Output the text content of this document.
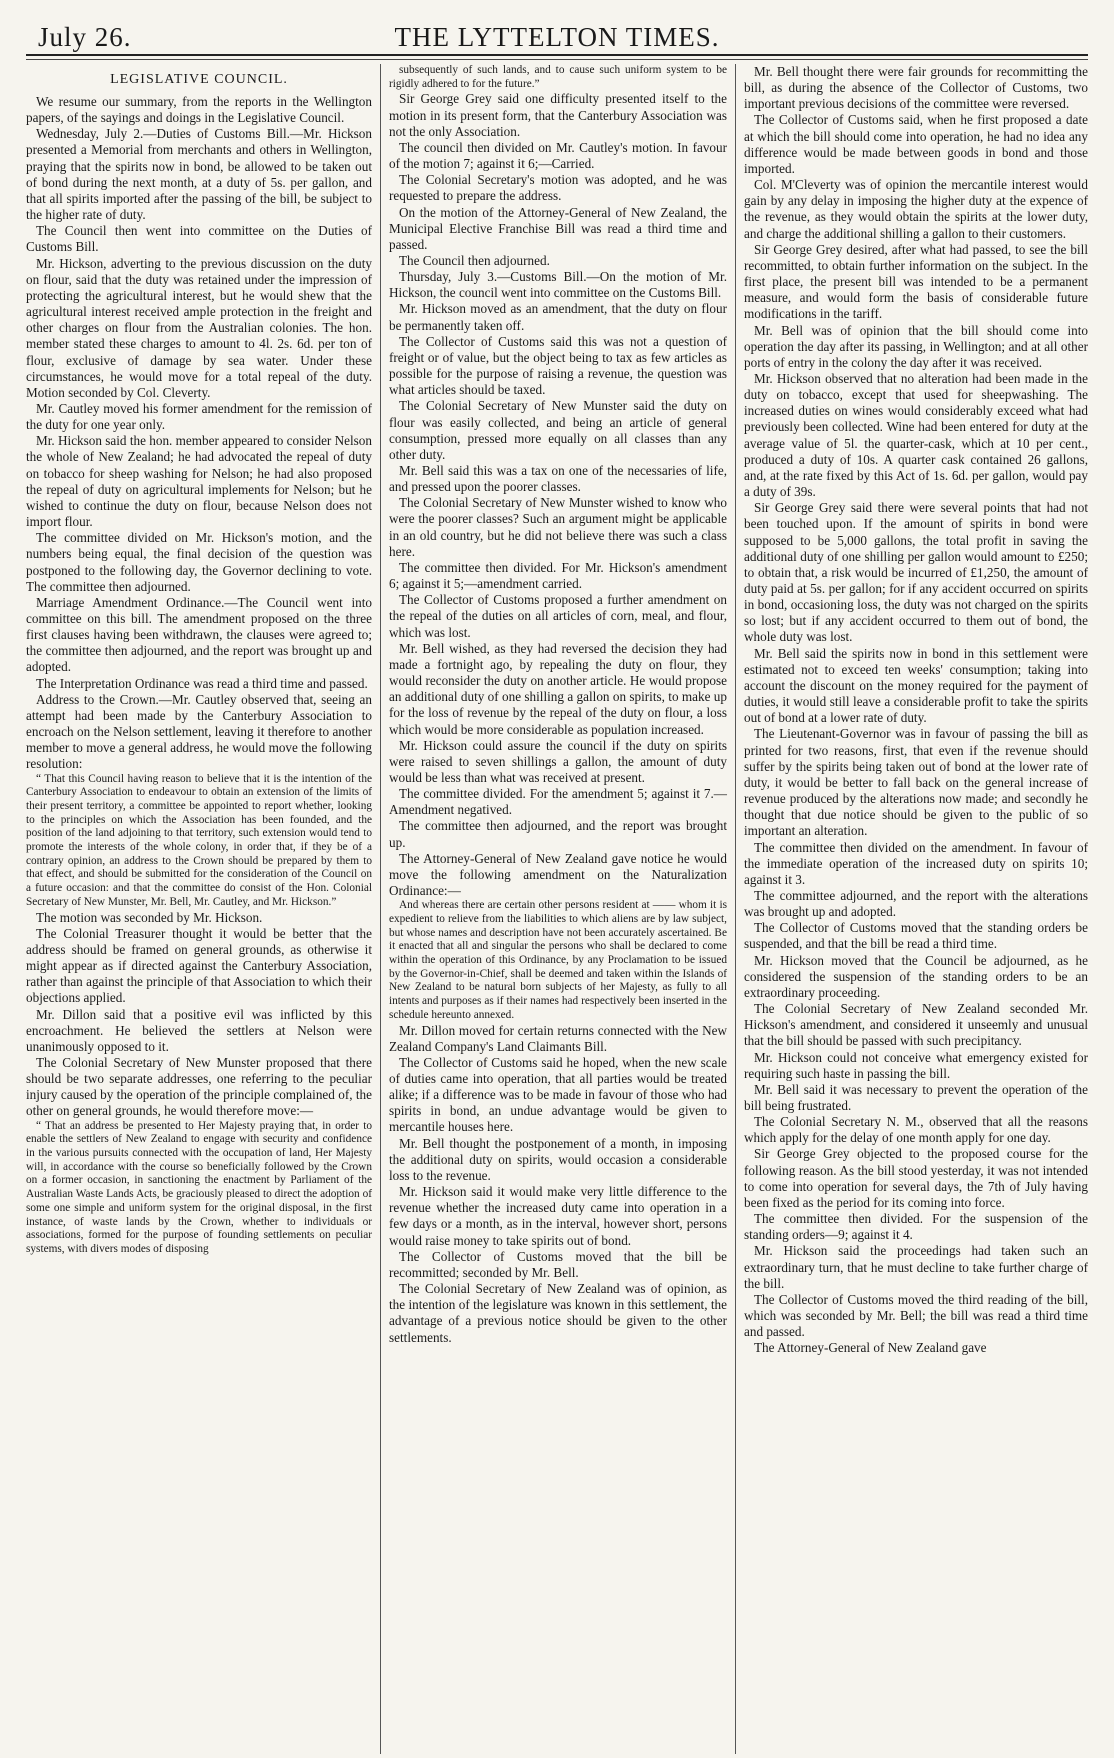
July 26.	THE LYTTELTON TIMES.
LEGISLATIVE COUNCIL.

We resume our summary, from the reports in the Wellington papers, of the sayings and doings in the Legislative Council.

Wednesday, July 2.—Duties of Customs Bill.—Mr. Hickson presented a Memorial from merchants and others in Wellington, praying that the spirits now in bond, be allowed to be taken out of bond during the next month, at a duty of 5s. per gallon, and that all spirits imported after the passing of the bill, be subject to the higher rate of duty.

The Council then went into committee on the Duties of Customs Bill.

Mr. Hickson, adverting to the previous discussion on the duty on flour, said that the duty was retained under the impression of protecting the agricultural interest, but he would shew that the agricultural interest received ample protection in the freight and other charges on flour from the Australian colonies. The hon. member stated these charges to amount to 4l. 2s. 6d. per ton of flour, exclusive of damage by sea water. Under these circumstances, he would move for a total repeal of the duty. Motion seconded by Col. Cleverty.

Mr. Cautley moved his former amendment for the remission of the duty for one year only.

Mr. Hickson said the hon. member appeared to consider Nelson the whole of New Zealand; he had advocated the repeal of duty on tobacco for sheep washing for Nelson; he had also proposed the repeal of duty on agricultural implements for Nelson; but he wished to continue the duty on flour, because Nelson does not import flour.

The committee divided on Mr. Hickson's motion, and the numbers being equal, the final decision of the question was postponed to the following day, the Governor declining to vote. The committee then adjourned.

Marriage Amendment Ordinance.—The Council went into committee on this bill. The amendment proposed on the three first clauses having been withdrawn, the clauses were agreed to; the committee then adjourned, and the report was brought up and adopted.

The Interpretation Ordinance was read a third time and passed.

Address to the Crown.—Mr. Cautley observed that, seeing an attempt had been made by the Canterbury Association to encroach on the Nelson settlement, leaving it therefore to another member to move a general address, he would move the following resolution:

“ That this Council having reason to believe that it is the intention of the Canterbury Association to endeavour to obtain an extension of the limits of their present territory, a committee be appointed to report whether, looking to the principles on which the Association has been founded, and the position of the land adjoining to that territory, such extension would tend to promote the interests of the whole colony, in order that, if they be of a contrary opinion, an address to the Crown should be prepared by them to that effect, and should be submitted for the consideration of the Council on a future occasion: and that the committee do consist of the Hon. Colonial Secretary of New Munster, Mr. Bell, Mr. Cautley, and Mr. Hickson.”

The motion was seconded by Mr. Hickson.

The Colonial Treasurer thought it would be better that the address should be framed on general grounds, as otherwise it might appear as if directed against the Canterbury Association, rather than against the principle of that Association to which their objections applied.

Mr. Dillon said that a positive evil was inflicted by this encroachment. He believed the settlers at Nelson were unanimously opposed to it.

The Colonial Secretary of New Munster proposed that there should be two separate addresses, one referring to the peculiar injury caused by the operation of the principle complained of, the other on general grounds, he would therefore move:—

“ That an address be presented to Her Majesty praying that, in order to enable the settlers of New Zealand to engage with security and confidence in the various pursuits connected with the occupation of land, Her Majesty will, in accordance with the course so beneficially followed by the Crown on a former occasion, in sanctioning the enactment by Parliament of the Australian Waste Lands Acts, be graciously pleased to direct the adoption of some one simple and uniform system for the original disposal, in the first instance, of waste lands by the Crown, whether to individuals or associations, formed for the purpose of founding settlements on peculiar systems, with divers modes of disposing

subsequently of such lands, and to cause such uniform system to be rigidly adhered to for the future.”

Sir George Grey said one difficulty presented itself to the motion in its present form, that the Canterbury Association was not the only Association.

The council then divided on Mr. Cautley's motion. In favour of the motion 7; against it 6;—Carried.

The Colonial Secretary's motion was adopted, and he was requested to prepare the address.

On the motion of the Attorney-General of New Zealand, the Municipal Elective Franchise Bill was read a third time and passed.

The Council then adjourned.

Thursday, July 3.—Customs Bill.—On the motion of Mr. Hickson, the council went into committee on the Customs Bill.

Mr. Hickson moved as an amendment, that the duty on flour be permanently taken off.

The Collector of Customs said this was not a question of freight or of value, but the object being to tax as few articles as possible for the purpose of raising a revenue, the question was what articles should be taxed.

The Colonial Secretary of New Munster said the duty on flour was easily collected, and being an article of general consumption, pressed more equally on all classes than any other duty.

Mr. Bell said this was a tax on one of the necessaries of life, and pressed upon the poorer classes.

The Colonial Secretary of New Munster wished to know who were the poorer classes? Such an argument might be applicable in an old country, but he did not believe there was such a class here.

The committee then divided. For Mr. Hickson's amendment 6; against it 5;—amendment carried.

The Collector of Customs proposed a further amendment on the repeal of the duties on all articles of corn, meal, and flour, which was lost.

Mr. Bell wished, as they had reversed the decision they had made a fortnight ago, by repealing the duty on flour, they would reconsider the duty on another article. He would propose an additional duty of one shilling a gallon on spirits, to make up for the loss of revenue by the repeal of the duty on flour, a loss which would be more considerable as population increased.

Mr. Hickson could assure the council if the duty on spirits were raised to seven shillings a gallon, the amount of duty would be less than what was received at present.

The committee divided. For the amendment 5; against it 7.—Amendment negatived.

The committee then adjourned, and the report was brought up.

The Attorney-General of New Zealand gave notice he would move the following amendment on the Naturalization Ordinance:—

And whereas there are certain other persons resident at —— whom it is expedient to relieve from the liabilities to which aliens are by law subject, but whose names and description have not been accurately ascertained. Be it enacted that all and singular the persons who shall be declared to come within the operation of this Ordinance, by any Proclamation to be issued by the Governor-in-Chief, shall be deemed and taken within the Islands of New Zealand to be natural born subjects of her Majesty, as fully to all intents and purposes as if their names had respectively been inserted in the schedule hereunto annexed.

Mr. Dillon moved for certain returns connected with the New Zealand Company's Land Claimants Bill.

The Collector of Customs said he hoped, when the new scale of duties came into operation, that all parties would be treated alike; if a difference was to be made in favour of those who had spirits in bond, an undue advantage would be given to mercantile houses here.

Mr. Bell thought the postponement of a month, in imposing the additional duty on spirits, would occasion a considerable loss to the revenue.

Mr. Hickson said it would make very little difference to the revenue whether the increased duty came into operation in a few days or a month, as in the interval, however short, persons would raise money to take spirits out of bond.

The Collector of Customs moved that the bill be recommitted; seconded by Mr. Bell.

The Colonial Secretary of New Zealand was of opinion, as the intention of the legislature was known in this settlement, the advantage of a previous notice should be given to the other settlements.

Mr. Bell thought there were fair grounds for recommitting the bill, as during the absence of the Collector of Customs, two important previous decisions of the committee were reversed.

The Collector of Customs said, when he first proposed a date at which the bill should come into operation, he had no idea any difference would be made between goods in bond and those imported.

Col. M'Cleverty was of opinion the mercantile interest would gain by any delay in imposing the higher duty at the expence of the revenue, as they would obtain the spirits at the lower duty, and charge the additional shilling a gallon to their customers.

Sir George Grey desired, after what had passed, to see the bill recommitted, to obtain further information on the subject. In the first place, the present bill was intended to be a permanent measure, and would form the basis of considerable future modifications in the tariff.

Mr. Bell was of opinion that the bill should come into operation the day after its passing, in Wellington; and at all other ports of entry in the colony the day after it was received.

Mr. Hickson observed that no alteration had been made in the duty on tobacco, except that used for sheepwashing. The increased duties on wines would considerably exceed what had previously been collected. Wine had been entered for duty at the average value of 5l. the quarter-cask, which at 10 per cent., produced a duty of 10s. A quarter cask contained 26 gallons, and, at the rate fixed by this Act of 1s. 6d. per gallon, would pay a duty of 39s.

Sir George Grey said there were several points that had not been touched upon. If the amount of spirits in bond were supposed to be 5,000 gallons, the total profit in saving the additional duty of one shilling per gallon would amount to £250; to obtain that, a risk would be incurred of £1,250, the amount of duty paid at 5s. per gallon; for if any accident occurred on spirits in bond, occasioning loss, the duty was not charged on the spirits so lost; but if any accident occurred to them out of bond, the whole duty was lost.

Mr. Bell said the spirits now in bond in this settlement were estimated not to exceed ten weeks' consumption; taking into account the discount on the money required for the payment of duties, it would still leave a considerable profit to take the spirits out of bond at a lower rate of duty.

The Lieutenant-Governor was in favour of passing the bill as printed for two reasons, first, that even if the revenue should suffer by the spirits being taken out of bond at the lower rate of duty, it would be better to fall back on the general increase of revenue produced by the alterations now made; and secondly he thought that due notice should be given to the public of so important an alteration.

The committee then divided on the amendment. In favour of the immediate operation of the increased duty on spirits 10; against it 3.

The committee adjourned, and the report with the alterations was brought up and adopted.

The Collector of Customs moved that the standing orders be suspended, and that the bill be read a third time.

Mr. Hickson moved that the Council be adjourned, as he considered the suspension of the standing orders to be an extraordinary proceeding.

The Colonial Secretary of New Zealand seconded Mr. Hickson's amendment, and considered it unseemly and unusual that the bill should be passed with such precipitancy.

Mr. Hickson could not conceive what emergency existed for requiring such haste in passing the bill.

Mr. Bell said it was necessary to prevent the operation of the bill being frustrated.

The Colonial Secretary N. M., observed that all the reasons which apply for the delay of one month apply for one day.

Sir George Grey objected to the proposed course for the following reason. As the bill stood yesterday, it was not intended to come into operation for several days, the 7th of July having been fixed as the period for its coming into force.

The committee then divided. For the suspension of the standing orders—9; against it 4.

Mr. Hickson said the proceedings had taken such an extraordinary turn, that he must decline to take further charge of the bill.

The Collector of Customs moved the third reading of the bill, which was seconded by Mr. Bell; the bill was read a third time and passed.

The Attorney-General of New Zealand gave
